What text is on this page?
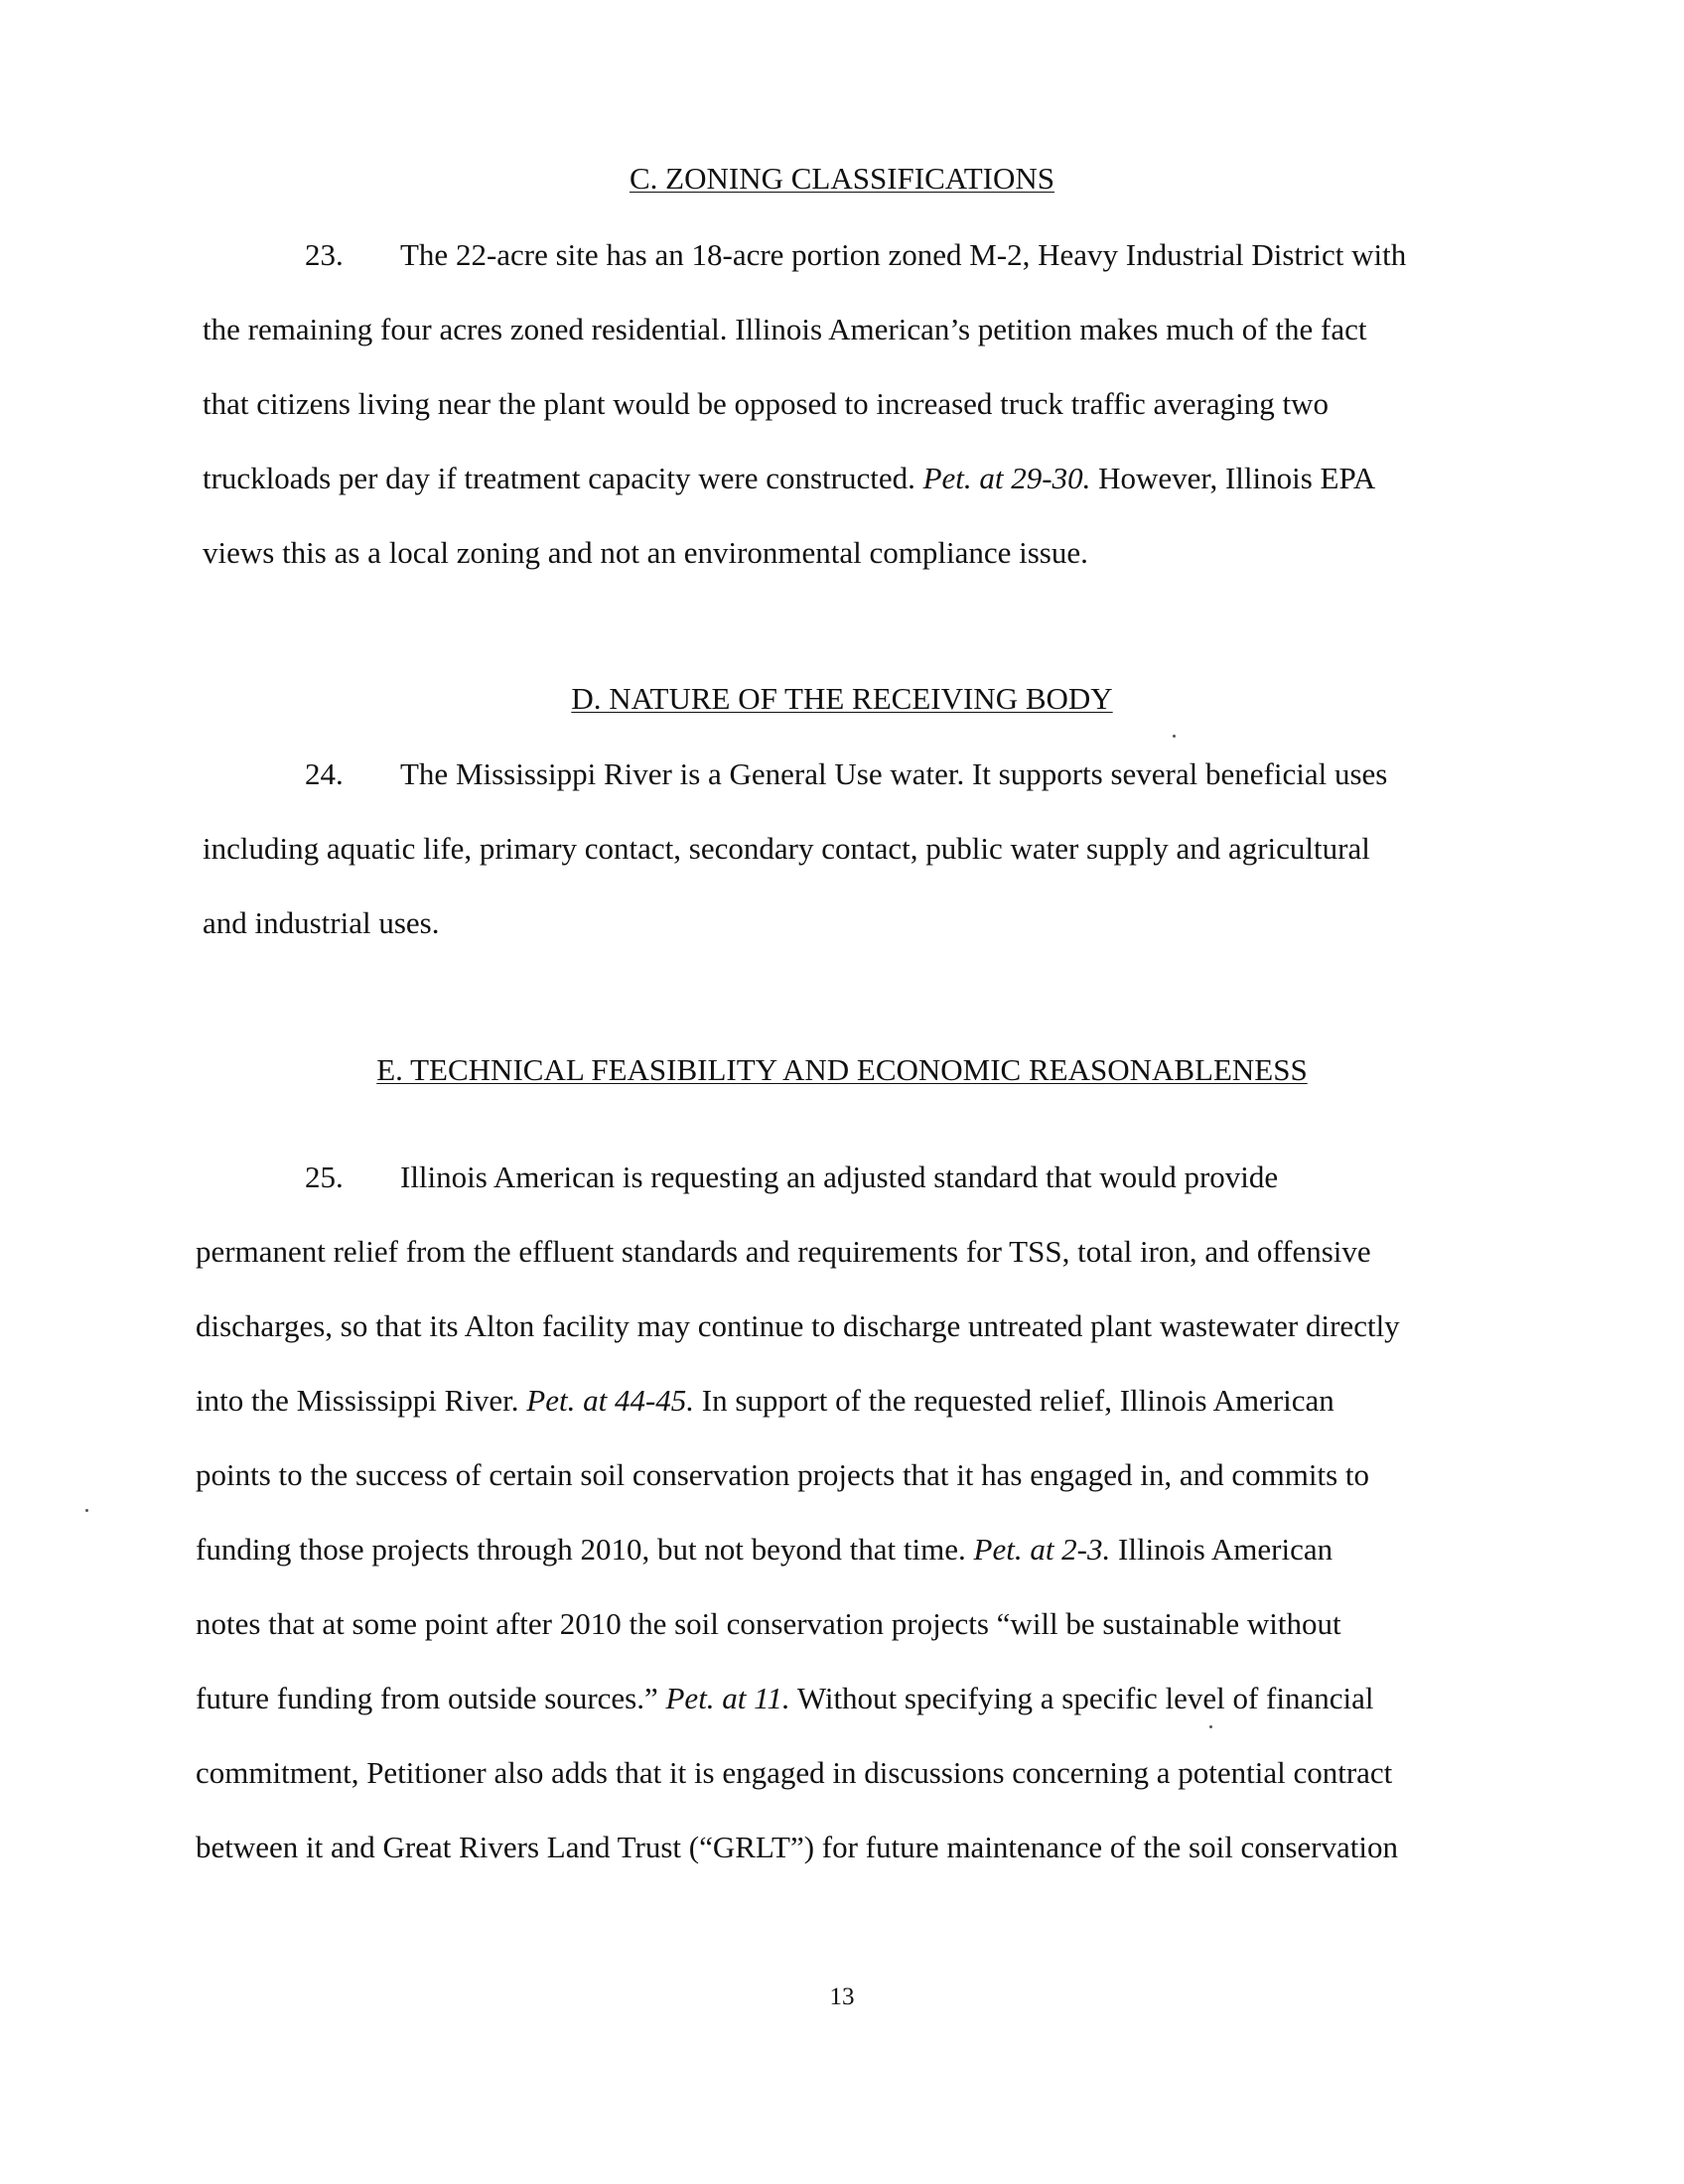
C. ZONING CLASSIFICATIONS
23. The 22-acre site has an 18-acre portion zoned M-2, Heavy Industrial District with
the remaining four acres zoned residential. Illinois American’s petition makes much of the fact
that citizens living near the plant would be opposed to increased truck traffic averaging two
truckloads per day if treatment capacity were constructed. Pet. at 29-30. However, Illinois EPA
views this as a local zoning and not an environmental compliance issue.
D. NATURE OF THE RECEIVING BODY
24. The Mississippi River is a General Use water. It supports several beneficial uses
including aquatic life, primary contact, secondary contact, public water supply and agricultural
and industrial uses.
E. TECHNICAL FEASIBILITY AND ECONOMIC REASONABLENESS
25. Illinois American is requesting an adjusted standard that would provide
permanent relief from the effluent standards and requirements for TSS, total iron, and offensive
discharges, so that its Alton facility may continue to discharge untreated plant wastewater directly
into the Mississippi River. Pet. at 44-45. In support of the requested relief, Illinois American
points to the success of certain soil conservation projects that it has engaged in, and commits to
funding those projects through 2010, but not beyond that time. Pet. at 2-3. Illinois American
notes that at some point after 2010 the soil conservation projects “will be sustainable without
future funding from outside sources.” Pet. at 11. Without specifying a specific level of financial
commitment, Petitioner also adds that it is engaged in discussions concerning a potential contract
between it and Great Rivers Land Trust (“GRLT”) for future maintenance of the soil conservation
13
